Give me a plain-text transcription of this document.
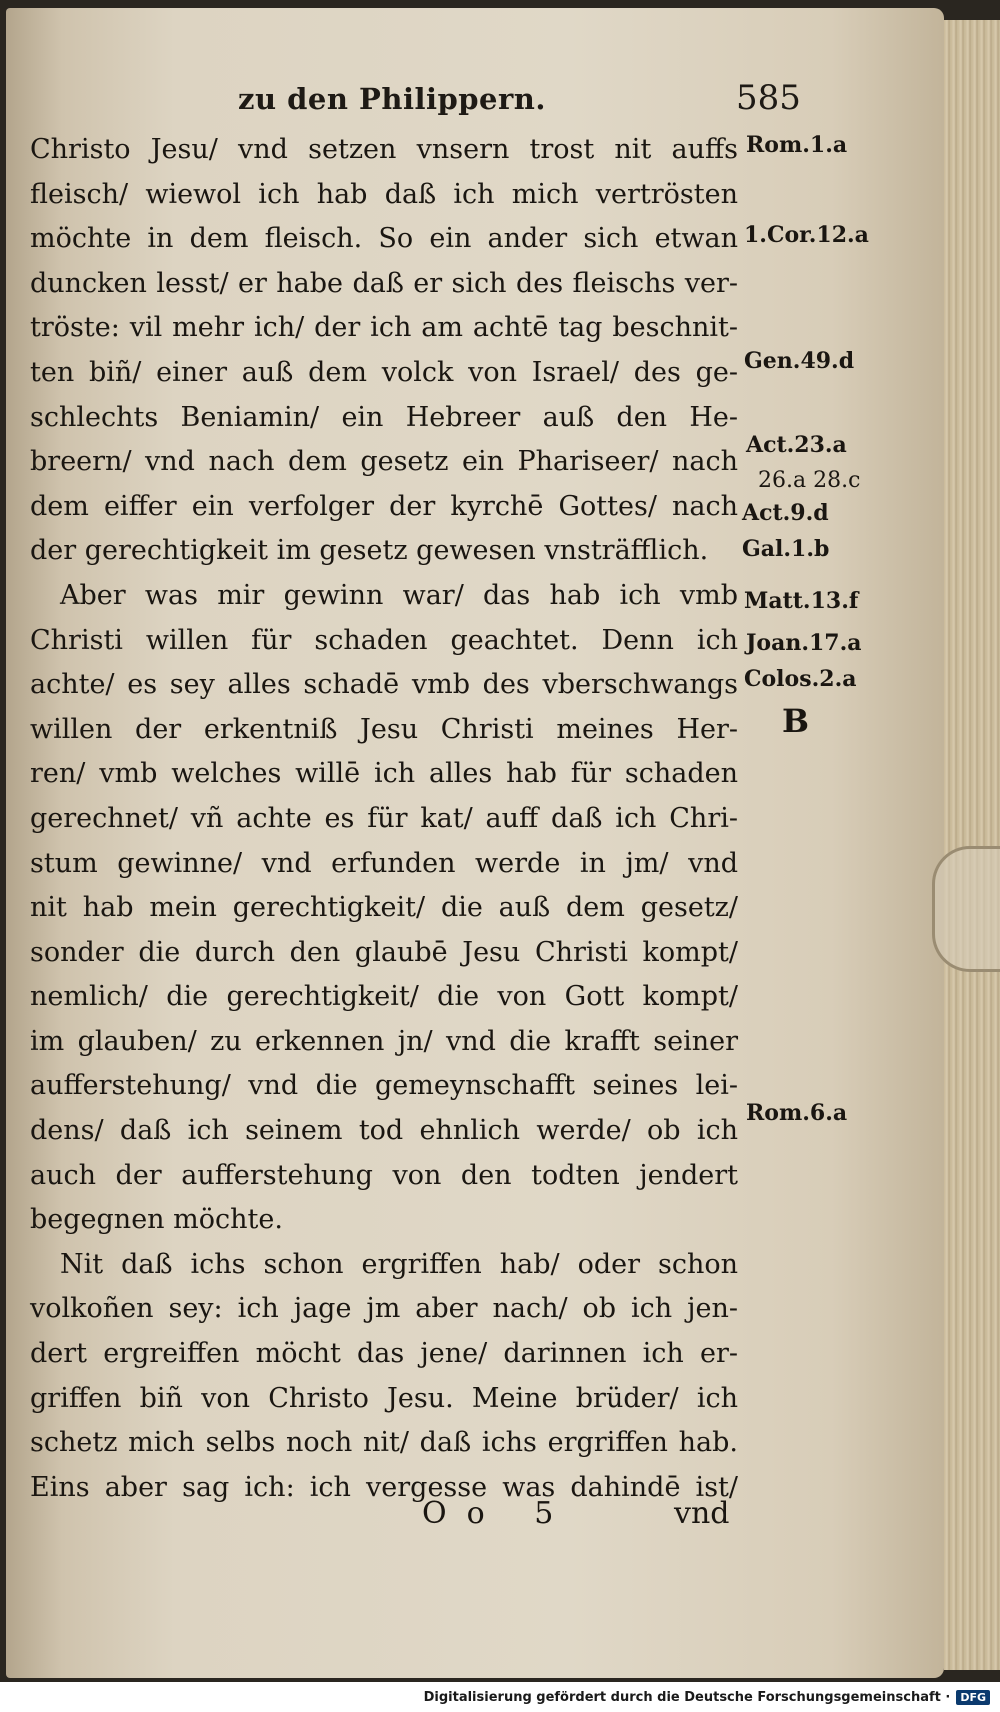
zu den Philippern.	585
Christo Jesu/ vnd setzen vnsern trost nit auffs
fleisch/ wiewol ich hab daß ich mich vertrösten
möchte in dem fleisch. So ein ander sich etwan
duncken lesst/ er habe daß er sich des fleischs ver-
tröste: vil mehr ich/ der ich am achtē tag beschnit-
ten biñ/ einer auß dem volck von Israel/ des ge-
schlechts Beniamin/ ein Hebreer auß den He-
breern/ vnd nach dem gesetz ein Phariseer/ nach
dem eiffer ein verfolger der kyrchē Gottes/ nach
der gerechtigkeit im gesetz gewesen vnsträfflich.
Aber was mir gewinn war/ das hab ich vmb
Christi willen für schaden geachtet. Denn ich
achte/ es sey alles schadē vmb des vberschwangs
willen der erkentniß Jesu Christi meines Her-
ren/ vmb welches willē ich alles hab für schaden
gerechnet/ vñ achte es für kat/ auff daß ich Chri-
stum gewinne/ vnd erfunden werde in jm/ vnd
nit hab mein gerechtigkeit/ die auß dem gesetz/
sonder die durch den glaubē Jesu Christi kompt/
nemlich/ die gerechtigkeit/ die von Gott kompt/
im glauben/ zu erkennen jn/ vnd die krafft seiner
aufferstehung/ vnd die gemeynschafft seines lei-
dens/ daß ich seinem tod ehnlich werde/ ob ich
auch der aufferstehung von den todten jendert
begegnen möchte.
Nit daß ichs schon ergriffen hab/ oder schon
volkoñen sey: ich jage jm aber nach/ ob ich jen-
dert ergreiffen möcht das jene/ darinnen ich er-
griffen biñ von Christo Jesu. Meine brüder/ ich
schetz mich selbs noch nit/ daß ichs ergriffen hab.
Eins aber sag ich: ich vergesse was dahindē ist/
Rom.1.a
1.Cor.12.a
Gen.49.d
Act.23.a
26.a 28.c
Act.9.d
Gal.1.b
Matt.13.f
Joan.17.a
Colos.2.a
B
Rom.6.a
Oo 5	vnd
Digitalisierung gefördert durch die Deutsche Forschungsgemeinschaft · DFG
